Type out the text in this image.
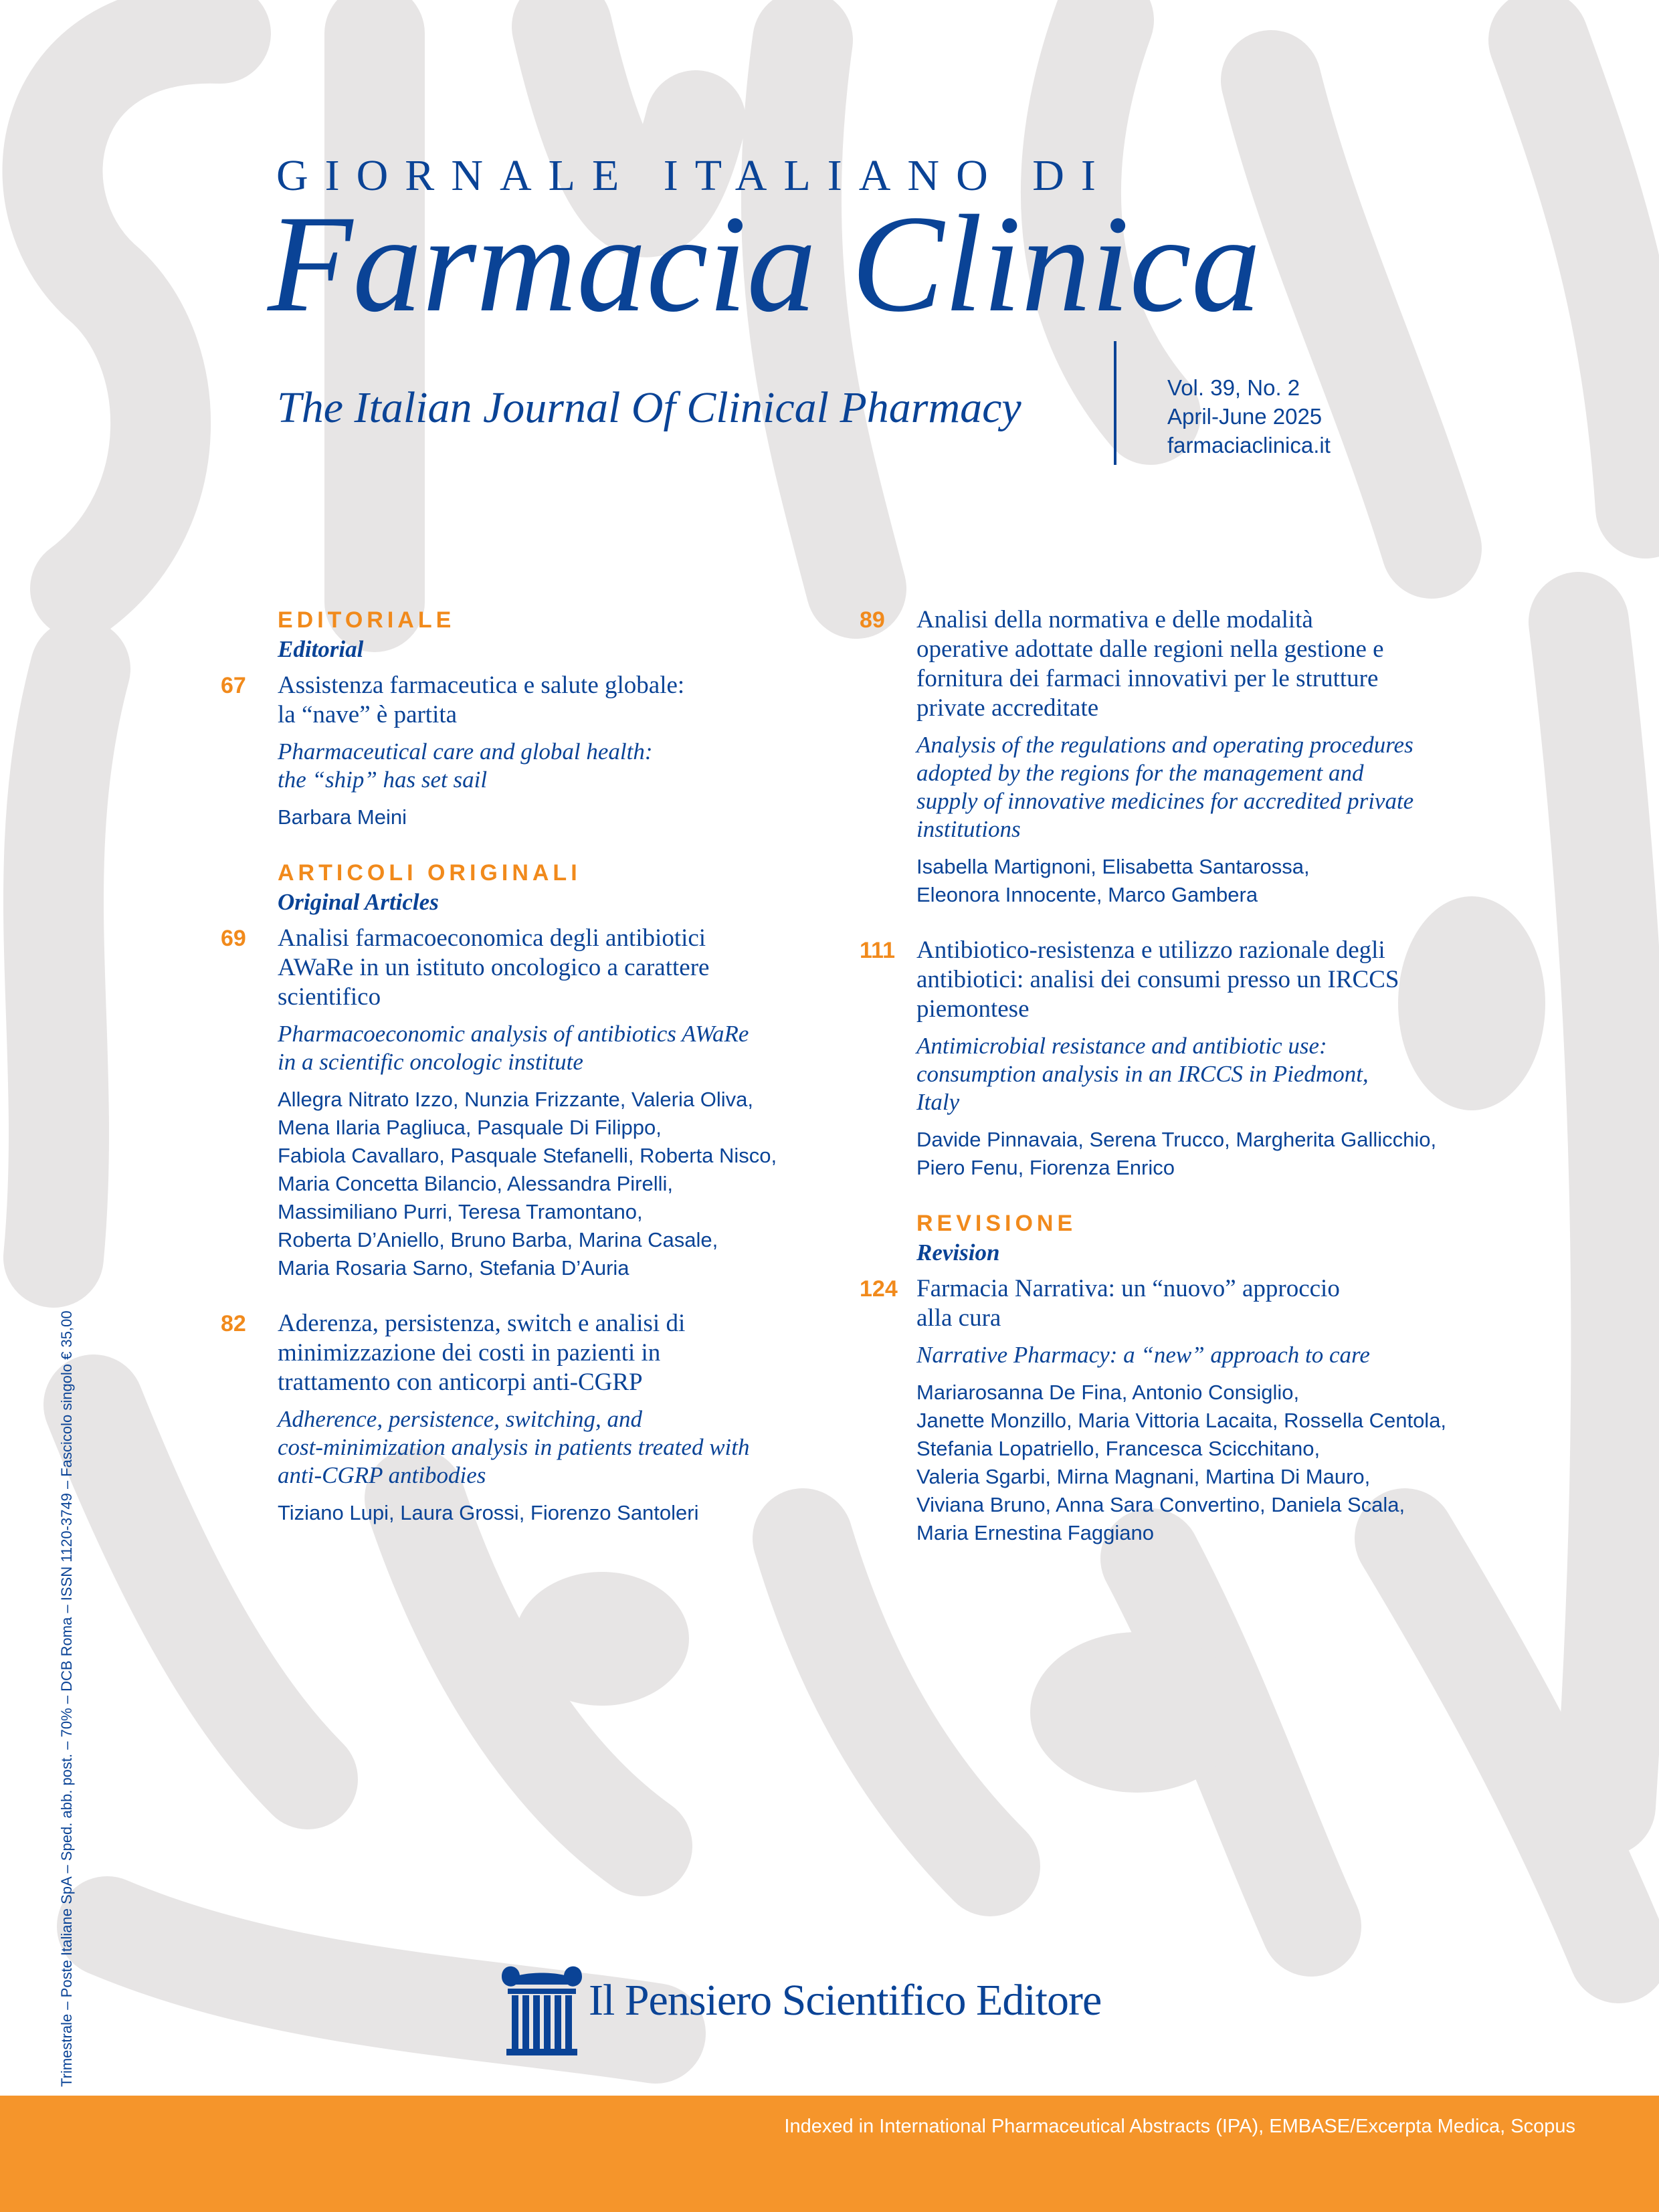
GIORNALE ITALIANO DI
Farmacia Clinica
The Italian Journal Of Clinical Pharmacy	Vol. 39, No. 2
April-June 2025
farmaciaclinica.it
EDITORIALE
Editorial
67 Assistenza farmaceutica e salute globale:
la “nave” è partita
Pharmaceutical care and global health:
the “ship” has set sail
Barbara Meini
ARTICOLI ORIGINALI
Original Articles
69 Analisi farmacoeconomica degli antibiotici
AWaRe in un istituto oncologico a carattere
scientifico
Pharmacoeconomic analysis of antibiotics AWaRe
in a scientific oncologic institute
Allegra Nitrato Izzo, Nunzia Frizzante, Valeria Oliva,
Mena Ilaria Pagliuca, Pasquale Di Filippo,
Fabiola Cavallaro, Pasquale Stefanelli, Roberta Nisco,
Maria Concetta Bilancio, Alessandra Pirelli,
Massimiliano Purri, Teresa Tramontano,
Roberta D’Aniello, Bruno Barba, Marina Casale,
Maria Rosaria Sarno, Stefania D’Auria
82 Aderenza, persistenza, switch e analisi di
minimizzazione dei costi in pazienti in
trattamento con anticorpi anti-CGRP
Adherence, persistence, switching, and
cost-minimization analysis in patients treated with
anti-CGRP antibodies
Tiziano Lupi, Laura Grossi, Fiorenzo Santoleri
89 Analisi della normativa e delle modalità
operative adottate dalle regioni nella gestione e
fornitura dei farmaci innovativi per le strutture
private accreditate
Analysis of the regulations and operating procedures
adopted by the regions for the management and
supply of innovative medicines for accredited private
institutions
Isabella Martignoni, Elisabetta Santarossa,
Eleonora Innocente, Marco Gambera
111 Antibiotico-resistenza e utilizzo razionale degli
antibiotici: analisi dei consumi presso un IRCCS
piemontese
Antimicrobial resistance and antibiotic use:
consumption analysis in an IRCCS in Piedmont,
Italy
Davide Pinnavaia, Serena Trucco, Margherita Gallicchio,
Piero Fenu, Fiorenza Enrico
REVISIONE
Revision
124 Farmacia Narrativa: un “nuovo” approccio
alla cura
Narrative Pharmacy: a “new” approach to care
Mariarosanna De Fina, Antonio Consiglio,
Janette Monzillo, Maria Vittoria Lacaita, Rossella Centola,
Stefania Lopatriello, Francesca Scicchitano,
Valeria Sgarbi, Mirna Magnani, Martina Di Mauro,
Viviana Bruno, Anna Sara Convertino, Daniela Scala,
Maria Ernestina Faggiano
Il Pensiero Scientifico Editore
Trimestrale – Poste Italiane SpA – Sped. abb. post. – 70% – DCB Roma – ISSN 1120-3749 – Fascicolo singolo € 35,00
Indexed in International Pharmaceutical Abstracts (IPA), EMBASE/Excerpta Medica, Scopus
